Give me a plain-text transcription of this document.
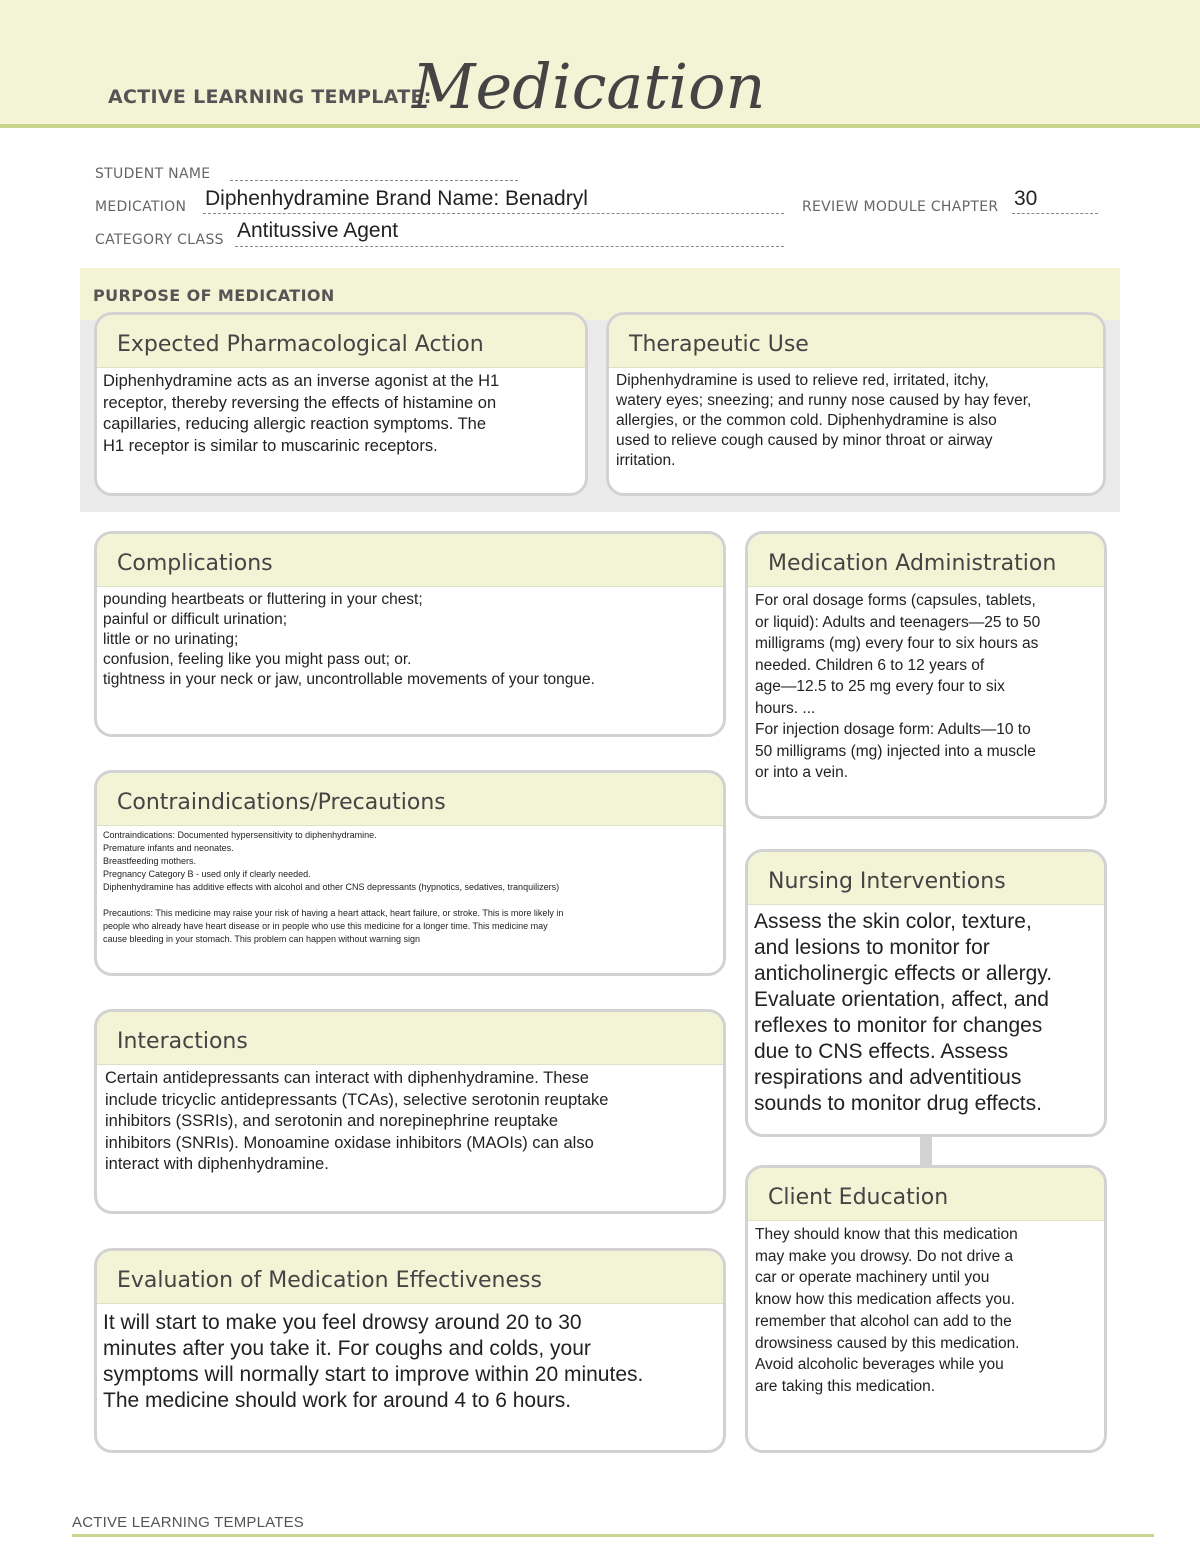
ACTIVE LEARNING TEMPLATE:
Medication
STUDENT NAME
MEDICATION Diphenhydramine Brand Name: Benadryl	REVIEW MODULE CHAPTER 30
CATEGORY CLASS Antitussive Agent
PURPOSE OF MEDICATION
Expected Pharmacological Action
Diphenhydramine acts as an inverse agonist at the H1
receptor, thereby reversing the effects of histamine on
capillaries, reducing allergic reaction symptoms. The
H1 receptor is similar to muscarinic receptors.
Therapeutic Use
Diphenhydramine is used to relieve red, irritated, itchy,
watery eyes; sneezing; and runny nose caused by hay fever,
allergies, or the common cold. Diphenhydramine is also
used to relieve cough caused by minor throat or airway
irritation.
Complications
pounding heartbeats or fluttering in your chest;
painful or difficult urination;
little or no urinating;
confusion, feeling like you might pass out; or.
tightness in your neck or jaw, uncontrollable movements of your tongue.
Contraindications/Precautions
Contraindications: Documented hypersensitivity to diphenhydramine.
Premature infants and neonates.
Breastfeeding mothers.
Pregnancy Category B - used only if clearly needed.
Diphenhydramine has additive effects with alcohol and other CNS depressants (hypnotics, sedatives, tranquilizers)
Precautions: This medicine may raise your risk of having a heart attack, heart failure, or stroke. This is more likely in
people who already have heart disease or in people who use this medicine for a longer time. This medicine may
cause bleeding in your stomach. This problem can happen without warning sign
Interactions
Certain antidepressants can interact with diphenhydramine. These
include tricyclic antidepressants (TCAs), selective serotonin reuptake
inhibitors (SSRIs), and serotonin and norepinephrine reuptake
inhibitors (SNRIs). Monoamine oxidase inhibitors (MAOIs) can also
interact with diphenhydramine.
Evaluation of Medication Effectiveness
It will start to make you feel drowsy around 20 to 30
minutes after you take it. For coughs and colds, your
symptoms will normally start to improve within 20 minutes.
The medicine should work for around 4 to 6 hours.
Medication Administration
For oral dosage forms (capsules, tablets,
or liquid): Adults and teenagers—25 to 50
milligrams (mg) every four to six hours as
needed. Children 6 to 12 years of
age—12.5 to 25 mg every four to six
hours. ...
For injection dosage form: Adults—10 to
50 milligrams (mg) injected into a muscle
or into a vein.
Nursing Interventions
Assess the skin color, texture,
and lesions to monitor for
anticholinergic effects or allergy.
Evaluate orientation, affect, and
reflexes to monitor for changes
due to CNS effects. Assess
respirations and adventitious
sounds to monitor drug effects.
Client Education
They should know that this medication
may make you drowsy. Do not drive a
car or operate machinery until you
know how this medication affects you.
remember that alcohol can add to the
drowsiness caused by this medication.
Avoid alcoholic beverages while you
are taking this medication.
ACTIVE LEARNING TEMPLATES
